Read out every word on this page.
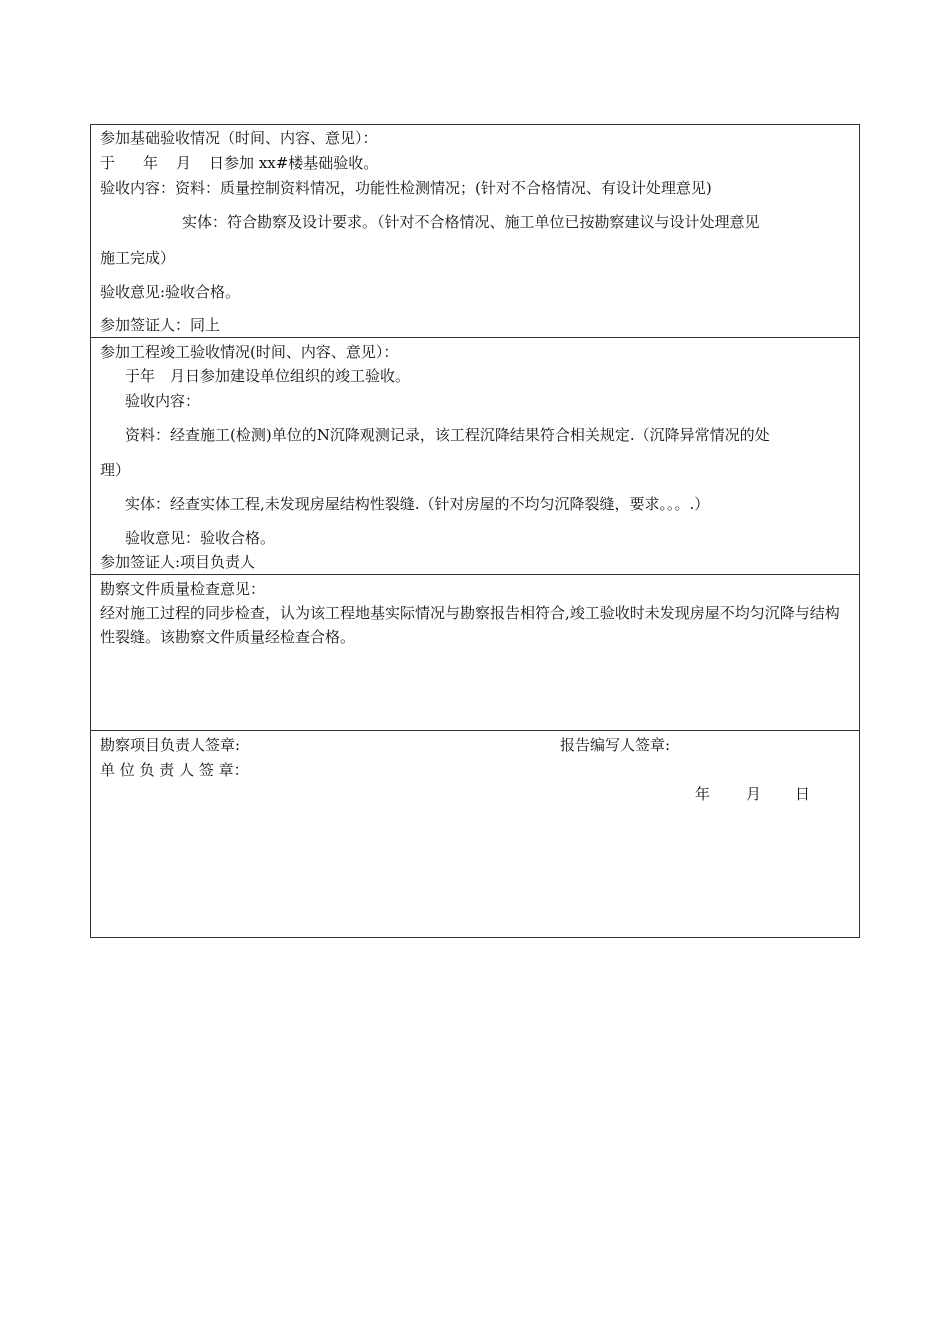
参加基础验收情况（时间、内容、意见）：
于 年 月 日参加 xx#楼基础验收。
验收内容：资料：质量控制资料情况，功能性检测情况；(针对不合格情况、有设计处理意见)
实体：符合勘察及设计要求。（针对不合格情况、施工单位已按勘察建议与设计处理意见
施工完成）
验收意见:验收合格。
参加签证人：同上
参加工程竣工验收情况(时间、内容、意见）：
于年 月日参加建设单位组织的竣工验收。
验收内容：
资料：经查施工(检测)单位的N沉降观测记录，该工程沉降结果符合相关规定.（沉降异常情况的处
理）
实体：经查实体工程,未发现房屋结构性裂缝.（针对房屋的不均匀沉降裂缝，要求。。。.）
验收意见：验收合格。
参加签证人:项目负责人
勘察文件质量检查意见：
经对施工过程的同步检查，认为该工程地基实际情况与勘察报告相符合,竣工验收时未发现房屋不均匀沉降与结构性裂缝。该勘察文件质量经检查合格。
勘察项目负责人签章:	报告编写人签章:
单 位 负 责 人 签 章：
年 月 日
